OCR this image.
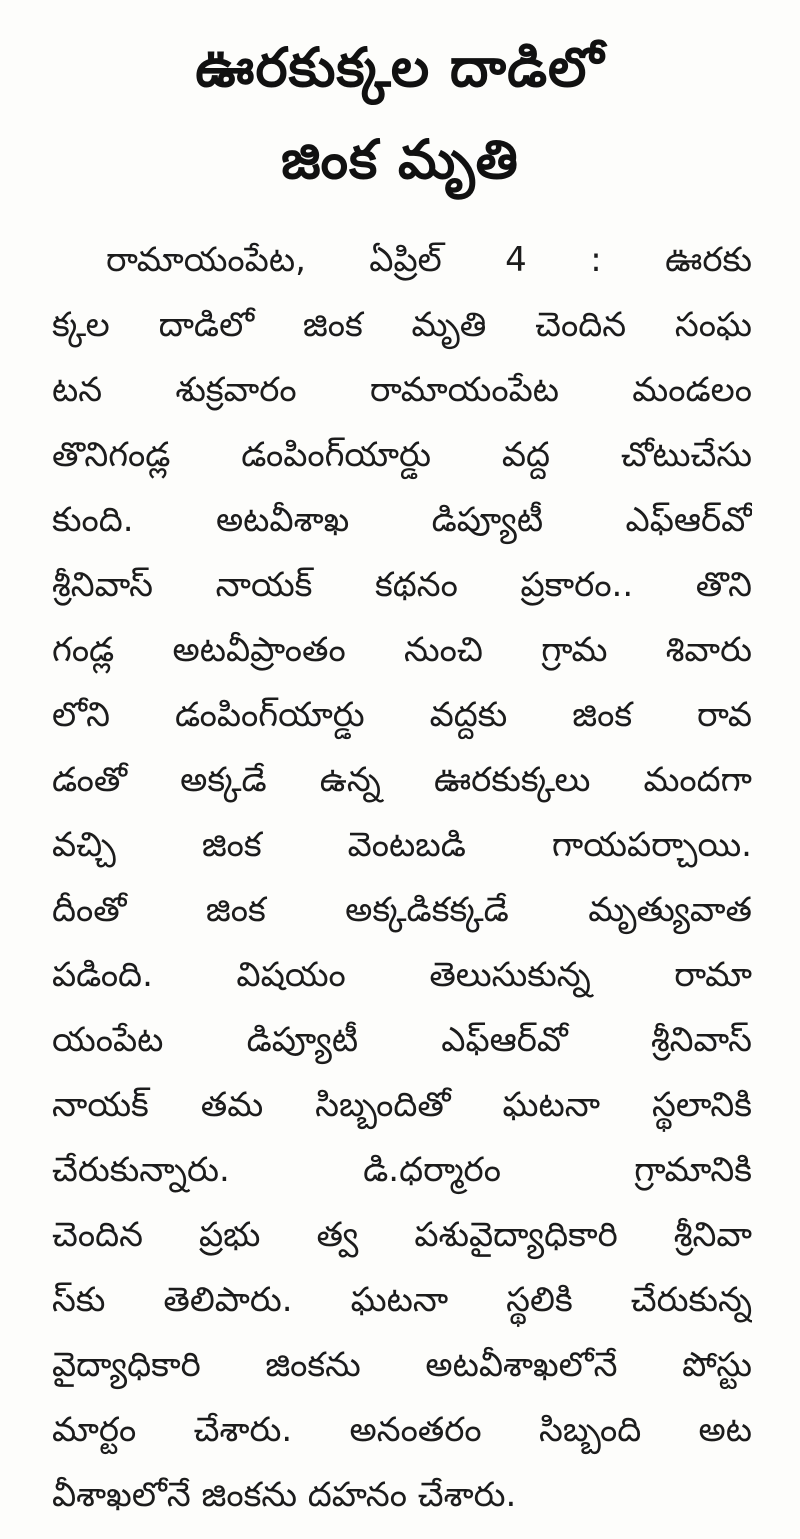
ఊరకుక్కల దాడిలో
జింక మృతి
రామాయంపేట, ఏప్రిల్ 4 : ఊరకు
క్కల దాడిలో జింక మృతి చెందిన సంఘ
టన శుక్రవారం రామాయంపేట మండలం
తొనిగండ్ల డంపింగ్‌యార్డు వద్ద చోటుచేసు
కుంది. అటవీశాఖ డిప్యూటీ ఎఫ్‌ఆర్‌వో
శ్రీనివాస్ నాయక్ కథనం ప్రకారం.. తొని
గండ్ల అటవీప్రాంతం నుంచి గ్రామ శివారు
లోని డంపింగ్‌యార్డు వద్దకు జింక రావ
డంతో అక్కడే ఉన్న ఊరకుక్కలు మందగా
వచ్చి జింక వెంటబడి గాయపర్చాయి.
దీంతో జింక అక్కడికక్కడే మృత్యువాత
పడింది. విషయం తెలుసుకున్న రామా
యంపేట డిప్యూటీ ఎఫ్‌ఆర్‌వో శ్రీనివాస్
నాయక్ తమ సిబ్బందితో ఘటనా స్థలానికి
చేరుకున్నారు. డి.ధర్మారం గ్రామానికి
చెందిన ప్రభు త్వ పశువైద్యాధికారి శ్రీనివా
స్‌కు తెలిపారు. ఘటనా స్థలికి చేరుకున్న
వైద్యాధికారి జింకను అటవీశాఖలోనే పోస్టు
మార్టం చేశారు. అనంతరం సిబ్బంది అట
వీశాఖలోనే జింకను దహనం చేశారు.
